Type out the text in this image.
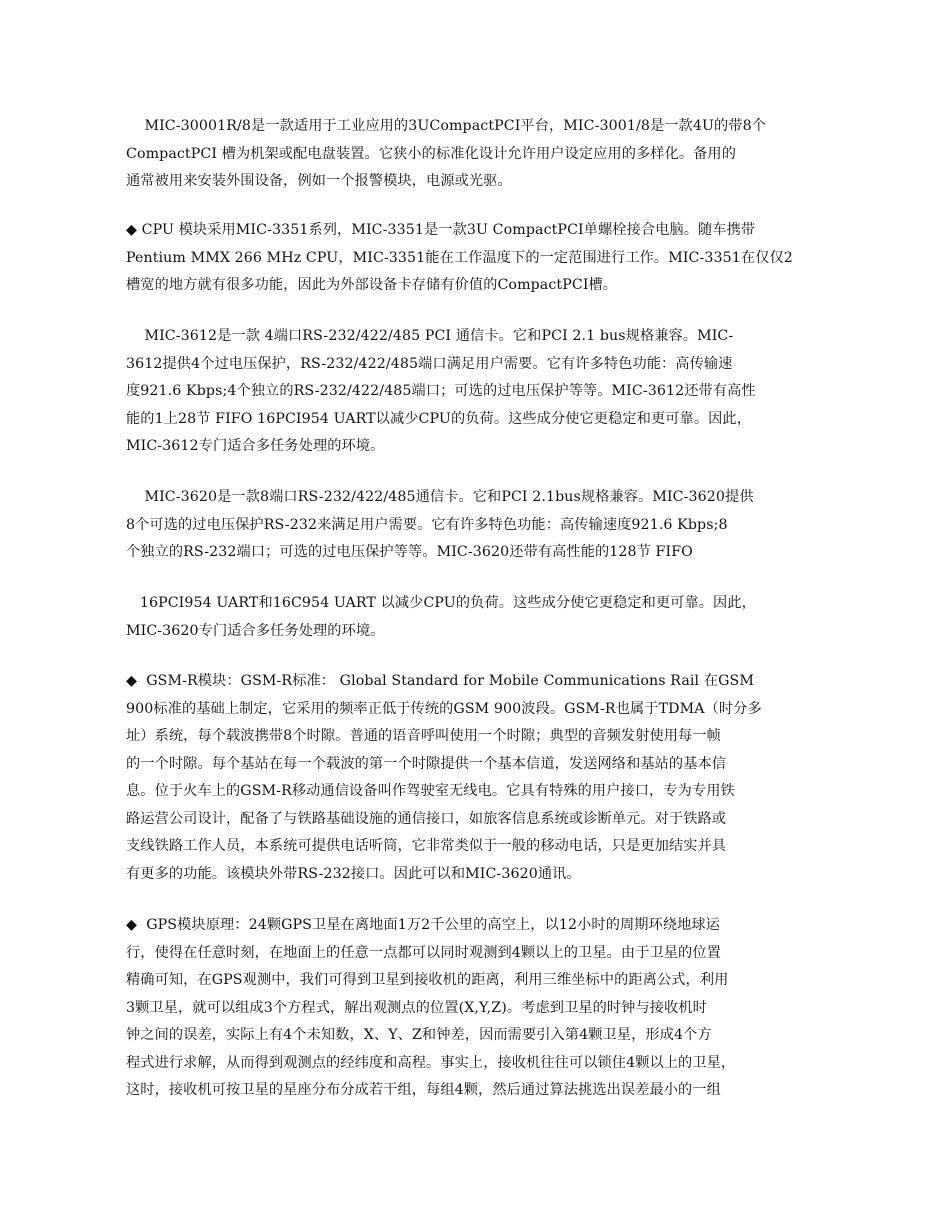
MIC-30001R/8是一款适用于工业应用的3UCompactPCI平台，MIC-3001/8是一款4U的带8个
CompactPCI 槽为机架或配电盘装置。它狭小的标准化设计允许用户设定应用的多样化。备用的
通常被用来安装外围设备，例如一个报警模块，电源或光驱。
◆ CPU 模块采用MIC-3351系列，MIC-3351是一款3U CompactPCI单螺栓接合电脑。随车携带
Pentium MMX 266 MHz CPU，MIC-3351能在工作温度下的一定范围进行工作。MIC-3351在仅仅2
槽宽的地方就有很多功能，因此为外部设备卡存储有价值的CompactPCI槽。
MIC-3612是一款 4端口RS-232/422/485 PCI 通信卡。它和PCI 2.1 bus规格兼容。MIC-
3612提供4个过电压保护，RS-232/422/485端口满足用户需要。它有许多特色功能：高传输速
度921.6 Kbps;4个独立的RS-232/422/485端口；可选的过电压保护等等。MIC-3612还带有高性
能的1上28节 FIFO 16PCI954 UART以减少CPU的负荷。这些成分使它更稳定和更可靠。因此，
MIC-3612专门适合多任务处理的环境。
MIC-3620是一款8端口RS-232/422/485通信卡。它和PCI 2.1bus规格兼容。MIC-3620提供
8个可选的过电压保护RS-232来满足用户需要。它有许多特色功能：高传输速度921.6 Kbps;8
个独立的RS-232端口；可选的过电压保护等等。MIC-3620还带有高性能的128节 FIFO
16PCI954 UART和16C954 UART 以减少CPU的负荷。这些成分使它更稳定和更可靠。因此，
MIC-3620专门适合多任务处理的环境。
◆  GSM-R模块：GSM-R标准： Global Standard for Mobile Communications Rail 在GSM
900标准的基础上制定，它采用的频率正低于传统的GSM 900波段。GSM-R也属于TDMA（时分多
址）系统，每个载波携带8个时隙。普通的语音呼叫使用一个时隙；典型的音频发射使用每一帧
的一个时隙。每个基站在每一个载波的第一个时隙提供一个基本信道，发送网络和基站的基本信
息。位于火车上的GSM-R移动通信设备叫作驾驶室无线电。它具有特殊的用户接口，专为专用铁
路运营公司设计，配备了与铁路基础设施的通信接口，如旅客信息系统或诊断单元。对于铁路或
支线铁路工作人员，本系统可提供电话听筒，它非常类似于一般的移动电话，只是更加结实并具
有更多的功能。该模块外带RS-232接口。因此可以和MIC-3620通讯。
◆  GPS模块原理：24颗GPS卫星在离地面1万2千公里的高空上，以12小时的周期环绕地球运
行，使得在任意时刻，在地面上的任意一点都可以同时观测到4颗以上的卫星。由于卫星的位置
精确可知，在GPS观测中，我们可得到卫星到接收机的距离，利用三维坐标中的距离公式，利用
3颗卫星，就可以组成3个方程式，解出观测点的位置(X,Y,Z)。考虑到卫星的时钟与接收机时
钟之间的误差，实际上有4个未知数，X、Y、Z和钟差，因而需要引入第4颗卫星，形成4个方
程式进行求解，从而得到观测点的经纬度和高程。事实上，接收机往往可以锁住4颗以上的卫星，
这时，接收机可按卫星的星座分布分成若干组，每组4颗，然后通过算法挑选出误差最小的一组
